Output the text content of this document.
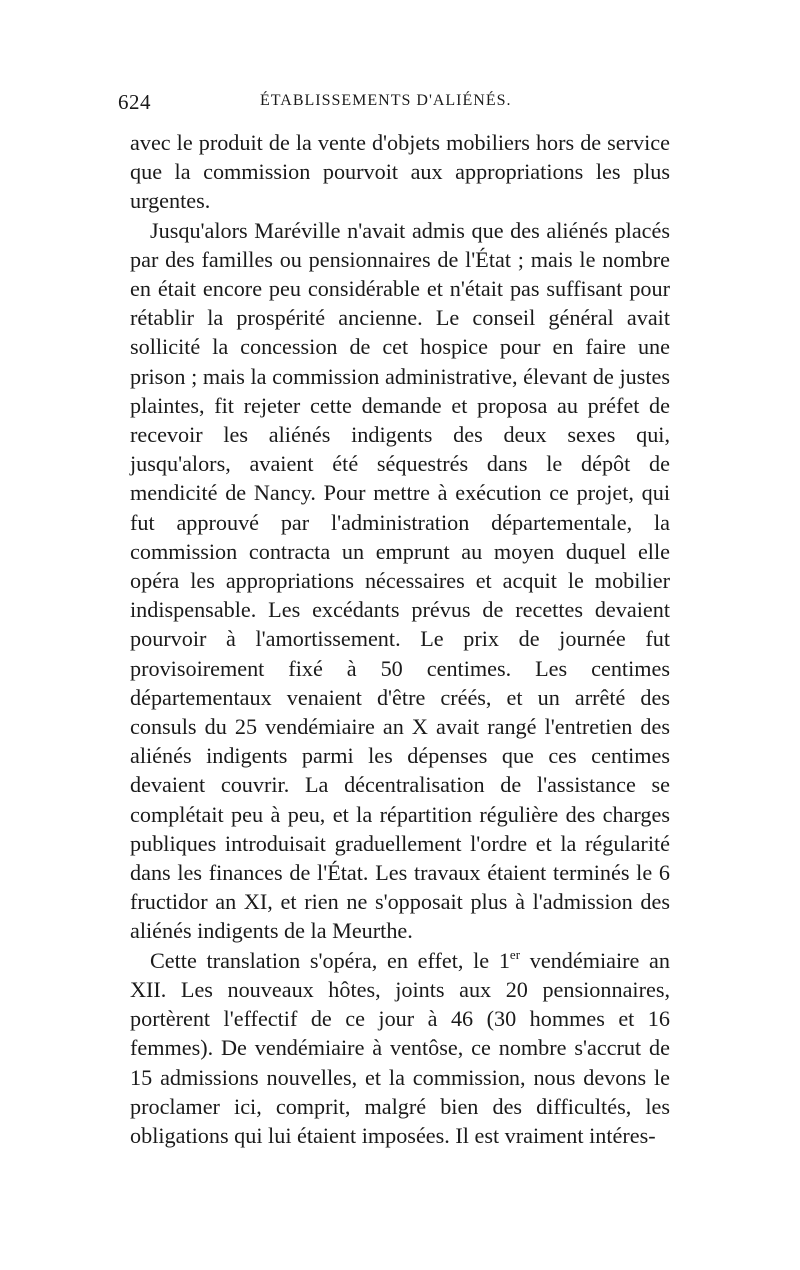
624	ÉTABLISSEMENTS D'ALIÉNÉS.

avec le produit de la vente d'objets mobiliers hors de service que la commission pourvoit aux appropriations les plus urgentes.

Jusqu'alors Maréville n'avait admis que des aliénés placés par des familles ou pensionnaires de l'État ; mais le nombre en était encore peu considérable et n'était pas suffisant pour rétablir la prospérité ancienne. Le conseil général avait sollicité la concession de cet hospice pour en faire une prison ; mais la commission administrative, élevant de justes plaintes, fit rejeter cette demande et proposa au préfet de recevoir les aliénés indigents des deux sexes qui, jusqu'alors, avaient été séquestrés dans le dépôt de mendicité de Nancy. Pour mettre à exécution ce projet, qui fut approuvé par l'administration départementale, la commission contracta un emprunt au moyen duquel elle opéra les appropriations nécessaires et acquit le mobilier indispensable. Les excédants prévus de recettes devaient pourvoir à l'amortissement. Le prix de journée fut provisoirement fixé à 50 centimes. Les centimes départementaux venaient d'être créés, et un arrêté des consuls du 25 vendémiaire an X avait rangé l'entretien des aliénés indigents parmi les dépenses que ces centimes devaient couvrir. La décentralisation de l'assistance se complétait peu à peu, et la répartition régulière des charges publiques introduisait graduellement l'ordre et la régularité dans les finances de l'État. Les travaux étaient terminés le 6 fructidor an XI, et rien ne s'opposait plus à l'admission des aliénés indigents de la Meurthe.

Cette translation s'opéra, en effet, le 1er vendémiaire an XII. Les nouveaux hôtes, joints aux 20 pensionnaires, portèrent l'effectif de ce jour à 46 (30 hommes et 16 femmes). De vendémiaire à ventôse, ce nombre s'accrut de 15 admissions nouvelles, et la commission, nous devons le proclamer ici, comprit, malgré bien des difficultés, les obligations qui lui étaient imposées. Il est vraiment intéres-
